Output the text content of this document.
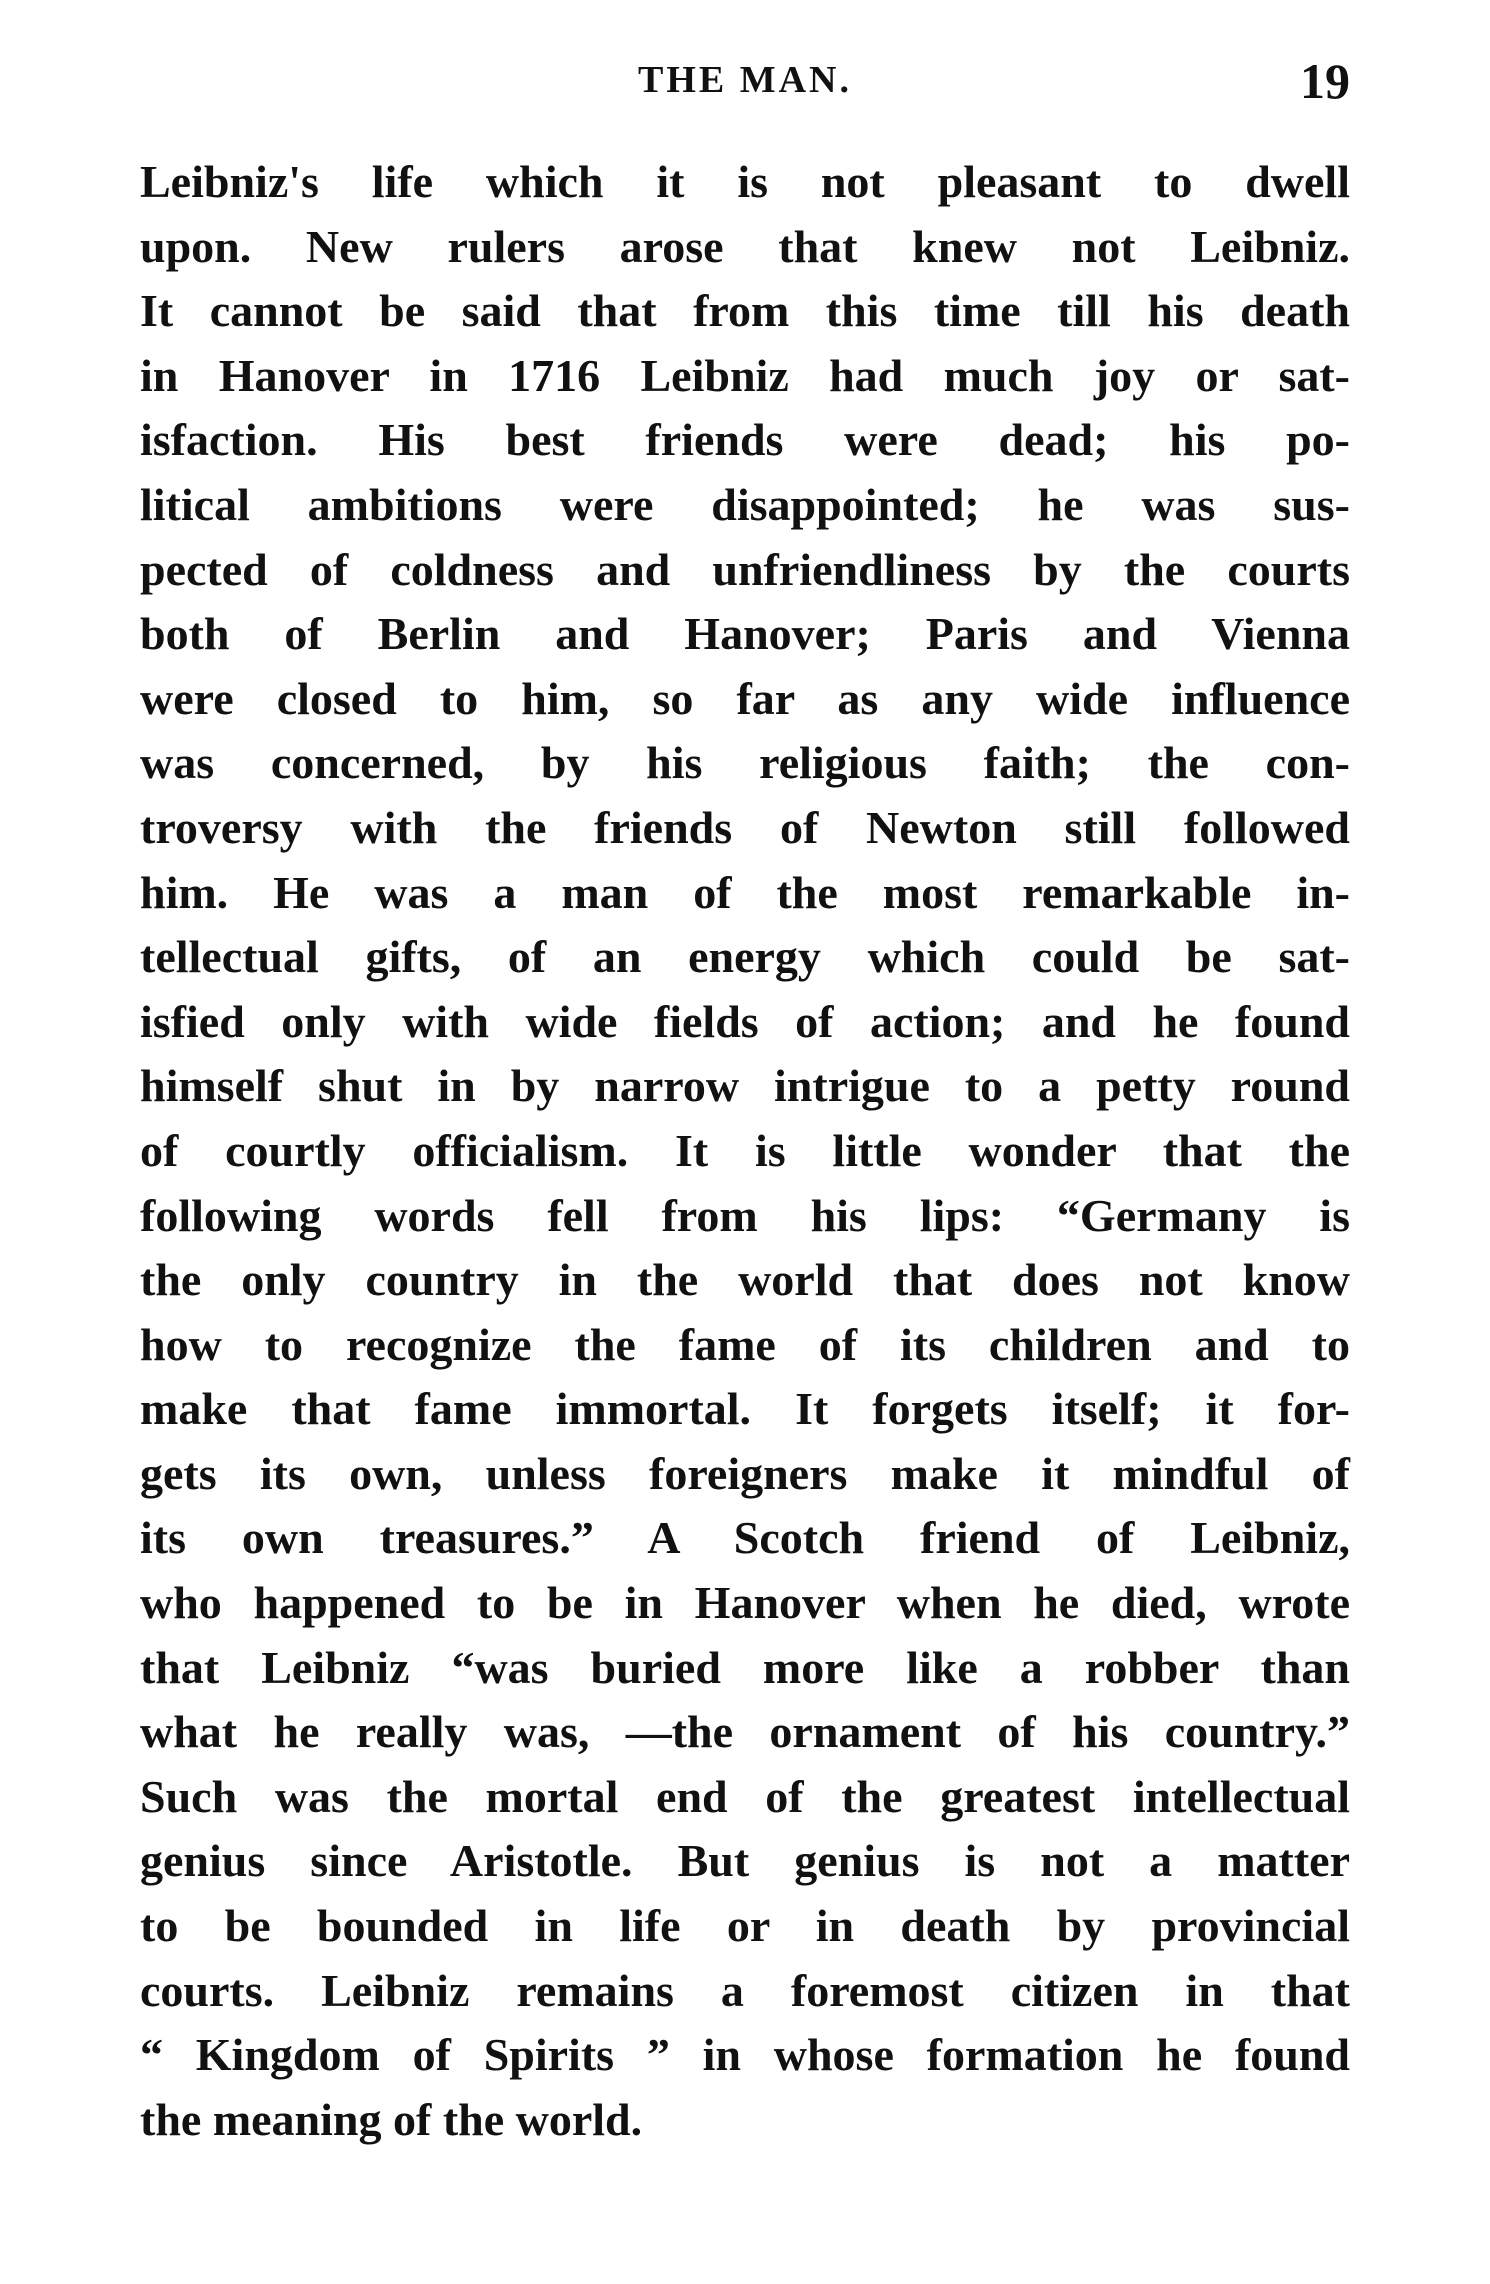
THE MAN.	19
Leibniz's life which it is not pleasant to dwell
upon. New rulers arose that knew not Leibniz.
It cannot be said that from this time till his death
in Hanover in 1716 Leibniz had much joy or sat-
isfaction. His best friends were dead; his po-
litical ambitions were disappointed; he was sus-
pected of coldness and unfriendliness by the courts
both of Berlin and Hanover; Paris and Vienna
were closed to him, so far as any wide influence
was concerned, by his religious faith; the con-
troversy with the friends of Newton still followed
him. He was a man of the most remarkable in-
tellectual gifts, of an energy which could be sat-
isfied only with wide fields of action; and he found
himself shut in by narrow intrigue to a petty round
of courtly officialism. It is little wonder that the
following words fell from his lips: “Germany is
the only country in the world that does not know
how to recognize the fame of its children and to
make that fame immortal. It forgets itself; it for-
gets its own, unless foreigners make it mindful of
its own treasures.” A Scotch friend of Leibniz,
who happened to be in Hanover when he died, wrote
that Leibniz “was buried more like a robber than
what he really was, —the ornament of his country.”
Such was the mortal end of the greatest intellectual
genius since Aristotle. But genius is not a matter
to be bounded in life or in death by provincial
courts. Leibniz remains a foremost citizen in that
“ Kingdom of Spirits ” in whose formation he found
the meaning of the world.
